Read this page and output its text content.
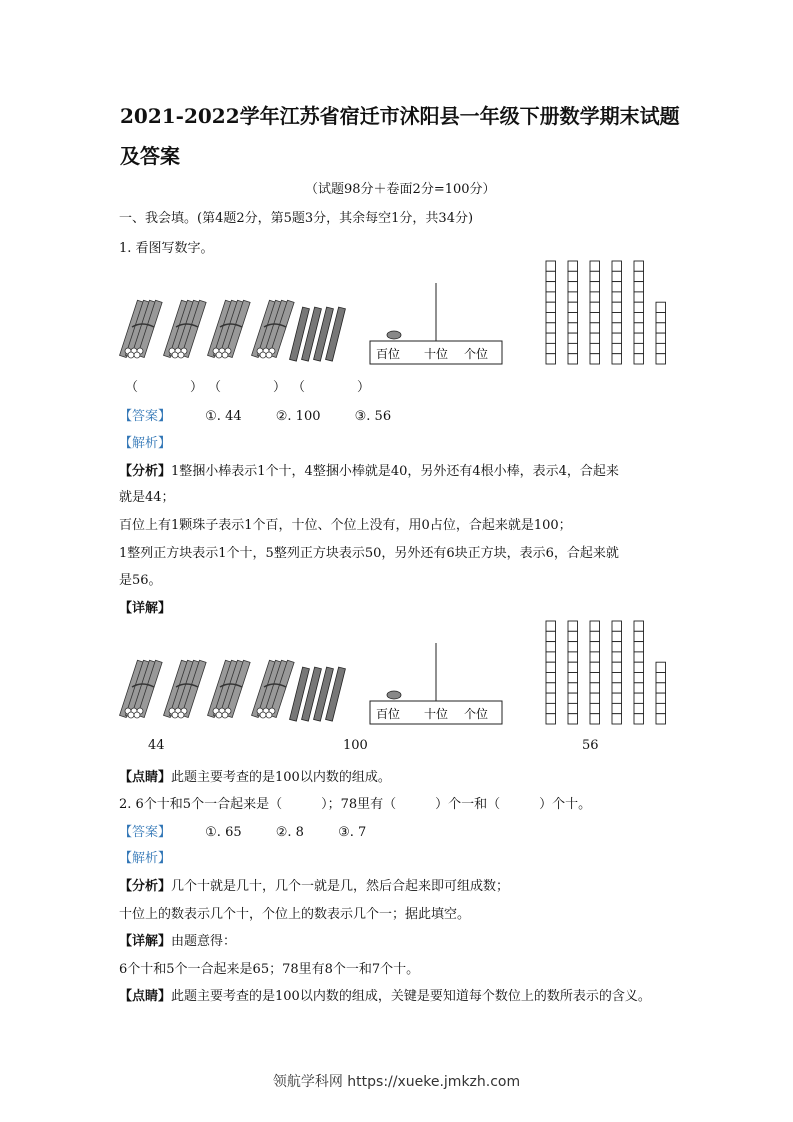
2021-2022学年江苏省宿迁市沭阳县一年级下册数学期末试题及答案
（试题98分＋卷面2分=100分）
一、我会填。(第4题2分，第5题3分，其余每空1分，共34分)
1. 看图写数字。
百位 十位 个位
（　　　　） （　　　　） （　　　　）
【答案】	①. 44	②. 100	③. 56
【解析】
【分析】1整捆小棒表示1个十，4整捆小棒就是40，另外还有4根小棒，表示4，合起来
就是44；
百位上有1颗珠子表示1个百，十位、个位上没有，用0占位，合起来就是100；
1整列正方块表示1个十，5整列正方块表示50，另外还有6块正方块，表示6，合起来就
是56。
【详解】
百位 十位 个位
44	100	56
【点睛】此题主要考查的是100以内数的组成。
2. 6个十和5个一合起来是（　　　）；78里有（　　　）个一和（　　　）个十。
【答案】	①. 65	②. 8	③. 7
【解析】
【分析】几个十就是几十，几个一就是几，然后合起来即可组成数；
十位上的数表示几个十，个位上的数表示几个一；据此填空。
【详解】由题意得：
6个十和5个一合起来是65；78里有8个一和7个十。
【点睛】此题主要考查的是100以内数的组成，关键是要知道每个数位上的数所表示的含义。
领航学科网 https://xueke.jmkzh.com
